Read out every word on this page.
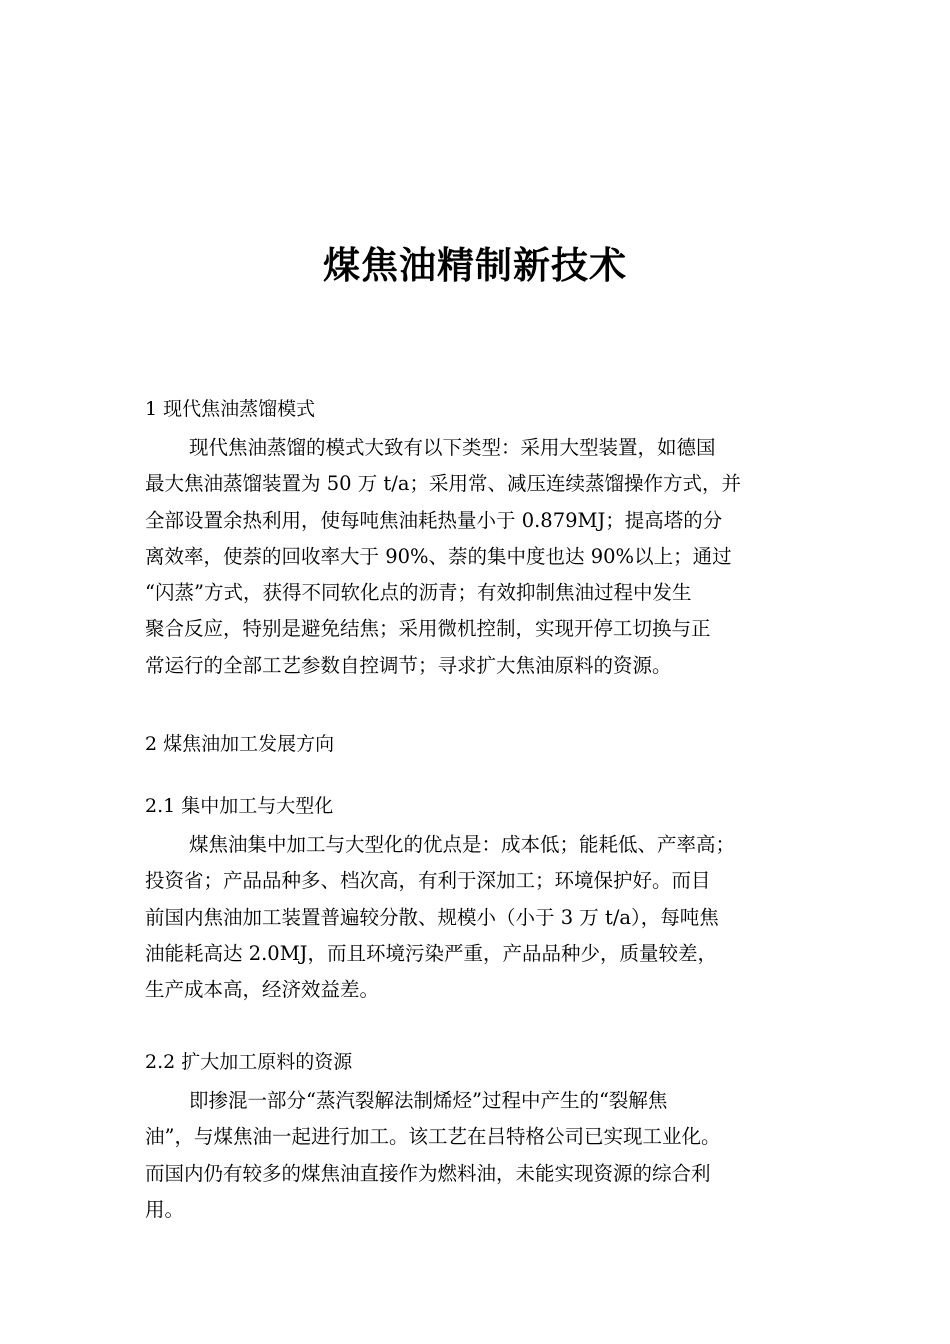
煤焦油精制新技术
1 现代焦油蒸馏模式
现代焦油蒸馏的模式大致有以下类型：采用大型装置，如德国
最大焦油蒸馏装置为 50 万 t/a；采用常、减压连续蒸馏操作方式，并
全部设置余热利用，使每吨焦油耗热量小于 0.879MJ；提高塔的分
离效率，使萘的回收率大于 90%、萘的集中度也达 90%以上；通过
“闪蒸”方式，获得不同软化点的沥青；有效抑制焦油过程中发生
聚合反应，特别是避免结焦；采用微机控制，实现开停工切换与正
常运行的全部工艺参数自控调节；寻求扩大焦油原料的资源。
2 煤焦油加工发展方向
2.1 集中加工与大型化
煤焦油集中加工与大型化的优点是：成本低；能耗低、产率高；
投资省；产品品种多、档次高，有利于深加工；环境保护好。而目
前国内焦油加工装置普遍较分散、规模小（小于 3 万 t/a），每吨焦
油能耗高达 2.0MJ，而且环境污染严重，产品品种少，质量较差，
生产成本高，经济效益差。
2.2 扩大加工原料的资源
即掺混一部分“蒸汽裂解法制烯烃”过程中产生的“裂解焦
油”，与煤焦油一起进行加工。该工艺在吕特格公司已实现工业化。
而国内仍有较多的煤焦油直接作为燃料油，未能实现资源的综合利
用。
